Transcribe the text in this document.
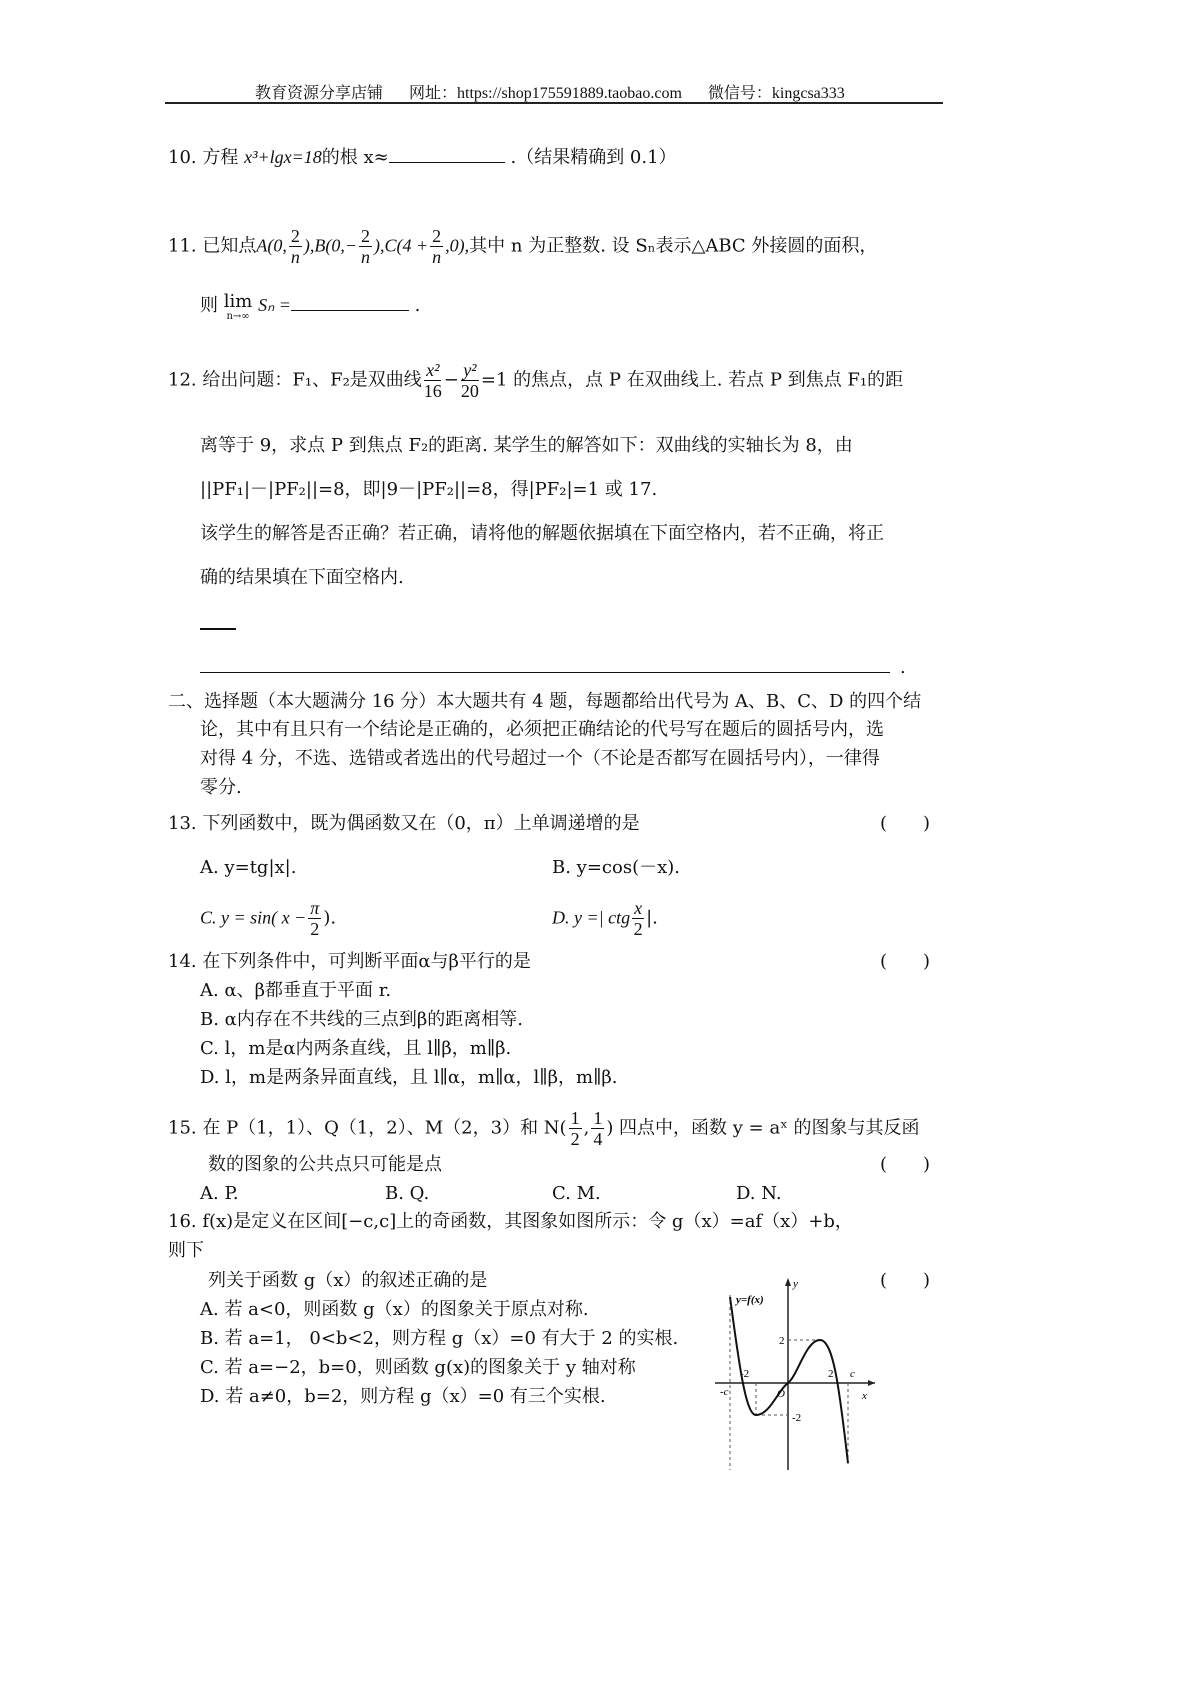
教育资源分享店铺 网址：https://shop175591889.taobao.com 微信号：kingcsa333
10. 方程 x³+lgx=18的根 x≈	.（结果精确到 0.1）
11. 已知点A(0, $\frac{2}{n} ),B(0,- \frac{2}{n} ),C(4 + \frac{2}{n} ,0)$,其中 n 为正整数. 设 Sₙ表示△ABC 外接圆的面积，
则 lim
n→∞
Sₙ =	.
12. 给出问题：F₁、F₂是双曲线 $\frac{\text{x²}}{16} - \frac{\text{y²}}{20} =1$ 的焦点，点 P 在双曲线上. 若点 P 到焦点 F₁的距
离等于 9，求点 P 到焦点 F₂的距离. 某学生的解答如下：双曲线的实轴长为 8，由
||PF₁|－|PF₂||=8，即|9－|PF₂||=8，得|PF₂|=1 或 17.
该学生的解答是否正确？若正确，请将他的解题依据填在下面空格内，若不正确，将正
确的结果填在下面空格内.
.
二、选择题（本大题满分 16 分）本大题共有 4 题，每题都给出代号为 A、B、C、D 的四个结
论，其中有且只有一个结论是正确的，必须把正确结论的代号写在题后的圆括号内，选
对得 4 分，不选、选错或者选出的代号超过一个（不论是否都写在圆括号内），一律得
零分.
13. 下列函数中，既为偶函数又在（0，π）上单调递增的是	(　　)
A. y=tg|x|.	B. y=cos(－x).
C. y = sin( $x - \frac{\pi}{2}$ ).	D. y =| ctg $\frac{x}{2}$ |.
14. 在下列条件中，可判断平面α与β平行的是	(　　)
A. α、β都垂直于平面 r.
B. α内存在不共线的三点到β的距离相等.
C. l，m是α内两条直线，且 l∥β，m∥β.
D. l，m是两条异面直线，且 l∥α，m∥α，l∥β，m∥β.
15. 在 P（1，1）、Q（1，2）、M（2，3）和 $N( \frac{1}{2}$ , $\frac{1}{4}$ ) 四点中，函数 y = aˣ 的图象与其反函
数的图象的公共点只可能是点	(　　)
A. P.	B. Q.	C. M.	D. N.
16. f(x)是定义在区间[−c,c]上的奇函数，其图象如图所示：令 g（x）=af（x）+b，
则下
列关于函数 g（x）的叙述正确的是	(　　)
A. 若 a<0，则函数 g（x）的图象关于原点对称.
B. 若 a=1， 0<b<2，则方程 g（x）=0 有大于 2 的实根.
C. 若 a=−2，b=0，则函数 g(x)的图象关于 y 轴对称
D. 若 a≠0，b=2，则方程 g（x）=0 有三个实根.
y=f(x)
y
x
O
2
2
-2
-2	c
-c
